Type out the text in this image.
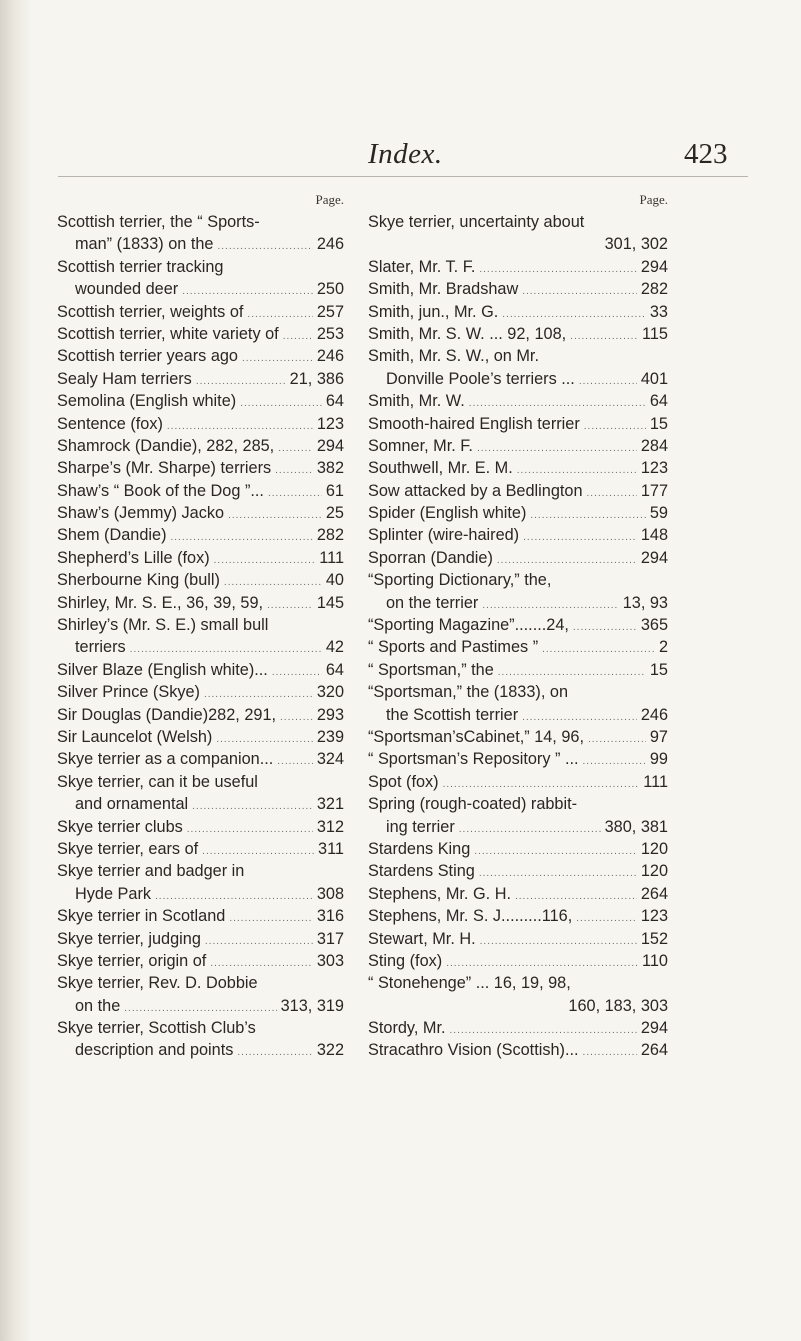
Index.	423
Page.
Scottish terrier, the “ Sports-
man” (1833) on the .....	246
Scottish terrier tracking
wounded deer .....	250
Scottish terrier, weights of .....	257
Scottish terrier, white variety of ..... 253
Scottish terrier years ago .....	246
Sealy Ham terriers .....	21, 386
Semolina (English white) .....	64
Sentence (fox) .....	123
Shamrock (Dandie), 282, 285, .....	294
Sharpe’s (Mr. Sharpe) terriers .....	382
Shaw’s “ Book of the Dog ”... .....	61
Shaw’s (Jemmy) Jacko .....	25
Shem (Dandie) .....	282
Shepherd’s Lille (fox) .....	111
Sherbourne King (bull) .....	40
Shirley, Mr. S. E., 36, 39, 59, .....	145
Shirley’s (Mr. S. E.) small bull
terriers .....	42
Silver Blaze (English white)... .....	64
Silver Prince (Skye) .....	320
Sir Douglas (Dandie)282, 291, .....	293
Sir Launcelot (Welsh) .....	239
Skye terrier as a companion... .....	324
Skye terrier, can it be useful
and ornamental .....	321
Skye terrier clubs .....	312
Skye terrier, ears of .....	311
Skye terrier and badger in
Hyde Park .....	308
Skye terrier in Scotland .....	316
Skye terrier, judging .....	317
Skye terrier, origin of .....	303
Skye terrier, Rev. D. Dobbie
on the .....	313, 319
Skye terrier, Scottish Club’s
description and points .....	322
Page.
Skye terrier, uncertainty about
301, 302
Slater, Mr. T. F. .....	294
Smith, Mr. Bradshaw .....	282
Smith, jun., Mr. G. .....	33
Smith, Mr. S. W. ... 92, 108, .....	115
Smith, Mr. S. W., on Mr.
Donville Poole’s terriers ... .....	401
Smith, Mr. W. .....	64
Smooth-haired English terrier .....	15
Somner, Mr. F. .....	284
Southwell, Mr. E. M. .....	123
Sow attacked by a Bedlington .....	177
Spider (English white) .....	59
Splinter (wire-haired) .....	148
Sporran (Dandie) .....	294
“Sporting Dictionary,” the,
on the terrier .....	13, 93
“Sporting Magazine”.......24, .....	365
“ Sports and Pastimes ” .....	2
“ Sportsman,” the .....	15
“Sportsman,” the (1833), on
the Scottish terrier .....	246
“Sportsman’sCabinet,” 14, 96, .....	97
“ Sportsman’s Repository ” ... .....	99
Spot (fox) .....	111
Spring (rough-coated) rabbit-
ing terrier .....	380, 381
Stardens King .....	120
Stardens Sting .....	120
Stephens, Mr. G. H. .....	264
Stephens, Mr. S. J.........116, .....	123
Stewart, Mr. H. .....	152
Sting (fox) .....	110
“ Stonehenge” ... 16, 19, 98,
160, 183, 303
Stordy, Mr. .....	294
Stracathro Vision (Scottish)... .....	264
